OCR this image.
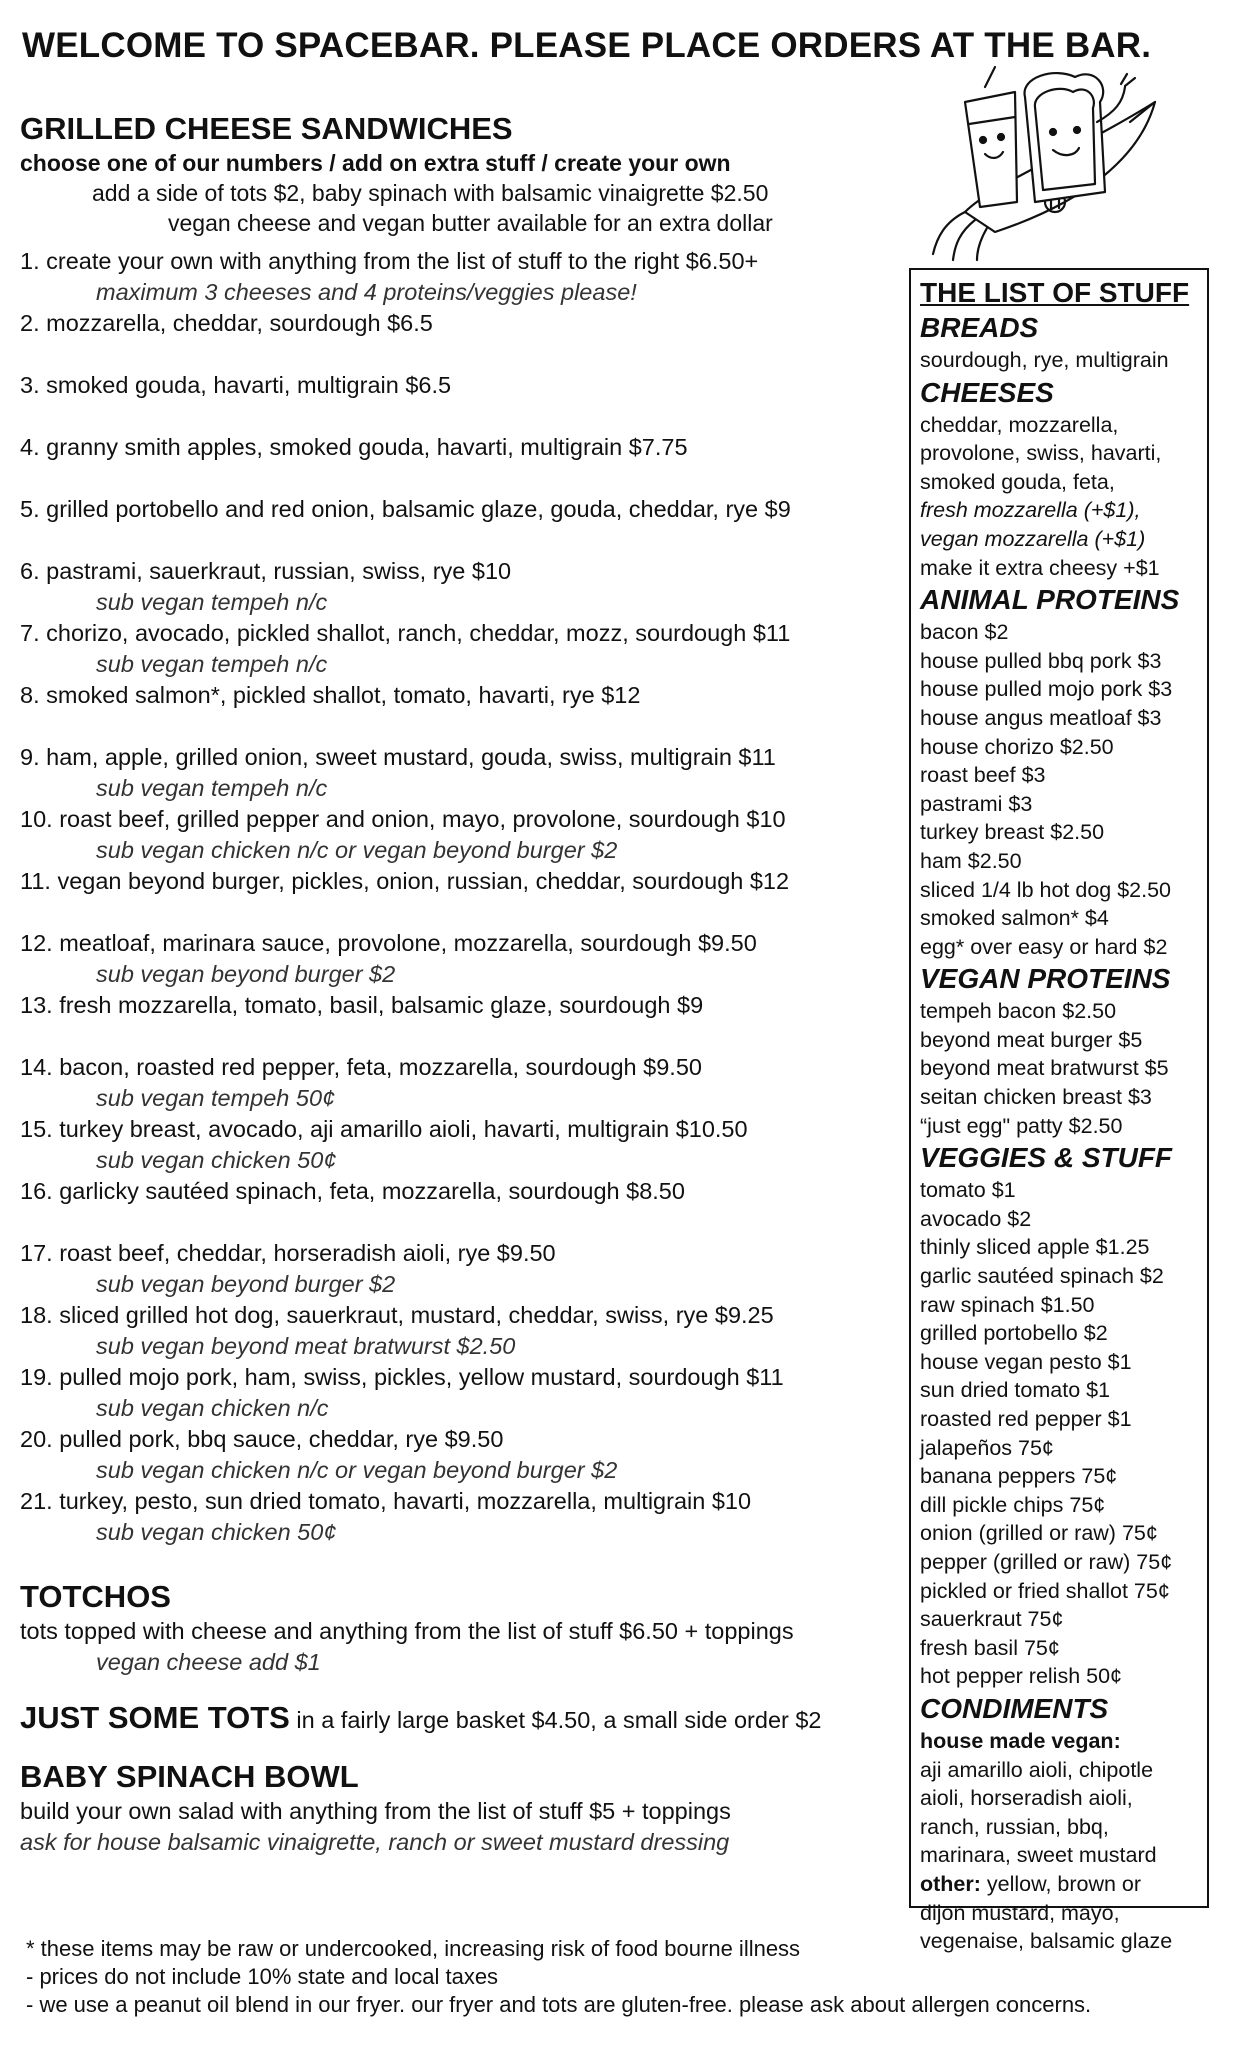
WELCOME TO SPACEBAR. PLEASE PLACE ORDERS AT THE BAR.
GRILLED CHEESE SANDWICHES
choose one of our numbers / add on extra stuff / create your own
add a side of tots $2, baby spinach with balsamic vinaigrette $2.50
vegan cheese and vegan butter available for an extra dollar
1. create your own with anything from the list of stuff to the right $6.50+
maximum 3 cheeses and 4 proteins/veggies please!
2. mozzarella, cheddar, sourdough $6.5
3. smoked gouda, havarti, multigrain $6.5
4. granny smith apples, smoked gouda, havarti, multigrain $7.75
5. grilled portobello and red onion, balsamic glaze, gouda, cheddar, rye $9
6. pastrami, sauerkraut, russian, swiss, rye $10
sub vegan tempeh n/c
7. chorizo, avocado, pickled shallot, ranch, cheddar, mozz, sourdough $11
sub vegan tempeh n/c
8. smoked salmon*, pickled shallot, tomato, havarti, rye $12
9. ham, apple, grilled onion, sweet mustard, gouda, swiss, multigrain $11
sub vegan tempeh n/c
10. roast beef, grilled pepper and onion, mayo, provolone, sourdough $10
sub vegan chicken n/c or vegan beyond burger $2
11. vegan beyond burger, pickles, onion, russian, cheddar, sourdough $12
12. meatloaf, marinara sauce, provolone, mozzarella, sourdough $9.50
sub vegan beyond burger $2
13. fresh mozzarella, tomato, basil, balsamic glaze, sourdough $9
14. bacon, roasted red pepper, feta, mozzarella, sourdough $9.50
sub vegan tempeh 50¢
15. turkey breast, avocado, aji amarillo aioli, havarti, multigrain $10.50
sub vegan chicken 50¢
16. garlicky sautéed spinach, feta, mozzarella, sourdough $8.50
17. roast beef, cheddar, horseradish aioli, rye $9.50
sub vegan beyond burger $2
18. sliced grilled hot dog, sauerkraut, mustard, cheddar, swiss, rye $9.25
sub vegan beyond meat bratwurst $2.50
19. pulled mojo pork, ham, swiss, pickles, yellow mustard, sourdough $11
sub vegan chicken n/c
20. pulled pork, bbq sauce, cheddar, rye $9.50
sub vegan chicken n/c or vegan beyond burger $2
21. turkey, pesto, sun dried tomato, havarti, mozzarella, multigrain $10
sub vegan chicken 50¢
TOTCHOS
tots topped with cheese and anything from the list of stuff $6.50 + toppings
vegan cheese add $1
JUST SOME TOTS in a fairly large basket $4.50, a small side order $2
BABY SPINACH BOWL
build your own salad with anything from the list of stuff $5 + toppings
ask for house balsamic vinaigrette, ranch or sweet mustard dressing
* these items may be raw or undercooked, increasing risk of food bourne illness
- prices do not include 10% state and local taxes
- we use a peanut oil blend in our fryer. our fryer and tots are gluten-free. please ask about allergen concerns.
THE LIST OF STUFF
BREADS
sourdough, rye, multigrain
CHEESES
cheddar, mozzarella,
provolone, swiss, havarti,
smoked gouda, feta,
fresh mozzarella (+$1),
vegan mozzarella (+$1)
make it extra cheesy +$1
ANIMAL PROTEINS
bacon $2
house pulled bbq pork $3
house pulled mojo pork $3
house angus meatloaf $3
house chorizo $2.50
roast beef $3
pastrami $3
turkey breast $2.50
ham $2.50
sliced 1/4 lb hot dog $2.50
smoked salmon* $4
egg* over easy or hard $2
VEGAN PROTEINS
tempeh bacon $2.50
beyond meat burger $5
beyond meat bratwurst $5
seitan chicken breast $3
“just egg" patty $2.50
VEGGIES & STUFF
tomato $1
avocado $2
thinly sliced apple $1.25
garlic sautéed spinach $2
raw spinach $1.50
grilled portobello $2
house vegan pesto $1
sun dried tomato $1
roasted red pepper $1
jalapeños 75¢
banana peppers 75¢
dill pickle chips 75¢
onion (grilled or raw) 75¢
pepper (grilled or raw) 75¢
pickled or fried shallot 75¢
sauerkraut 75¢
fresh basil 75¢
hot pepper relish 50¢
CONDIMENTS
house made vegan:
aji amarillo aioli, chipotle
aioli, horseradish aioli,
ranch, russian, bbq,
marinara, sweet mustard
other: yellow, brown or
dijon mustard, mayo,
vegenaise, balsamic glaze
